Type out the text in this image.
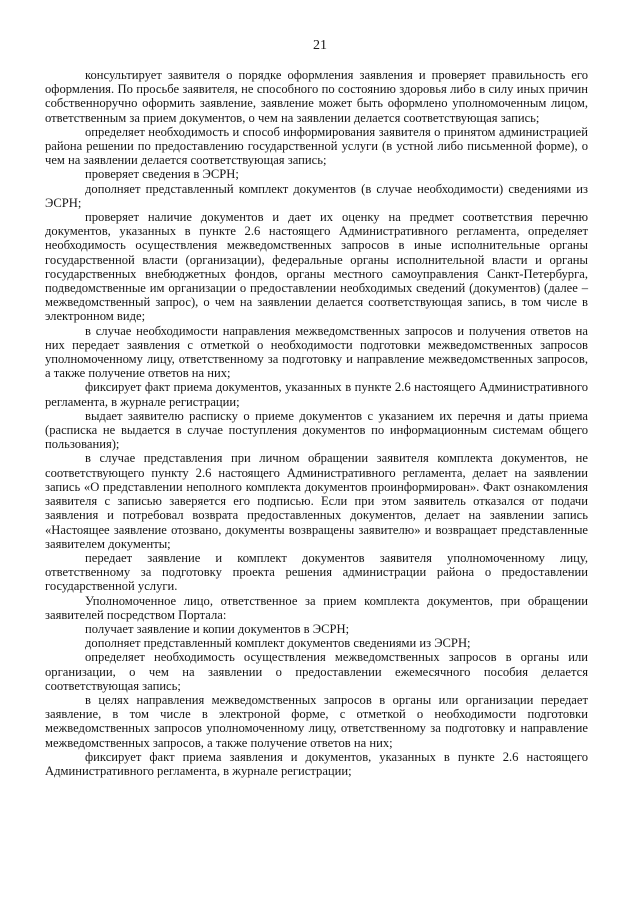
21

консультирует заявителя о порядке оформления заявления и проверяет правильность его оформления. По просьбе заявителя, не способного по состоянию здоровья либо в силу иных причин собственноручно оформить заявление, заявление может быть оформлено уполномоченным лицом, ответственным за прием документов, о чем на заявлении делается соответствующая запись;

определяет необходимость и способ информирования заявителя о принятом администрацией района решении по предоставлению государственной услуги (в устной либо письменной форме), о чем на заявлении делается соответствующая запись;

проверяет сведения в ЭСРН;

дополняет представленный комплект документов (в случае необходимости) сведениями из ЭСРН;

проверяет наличие документов и дает их оценку на предмет соответствия перечню документов, указанных в пункте 2.6 настоящего Административного регламента, определяет необходимость осуществления межведомственных запросов в иные исполнительные органы государственной власти (организации), федеральные органы исполнительной власти и органы государственных внебюджетных фондов, органы местного самоуправления Санкт-Петербурга, подведомственные им организации о предоставлении необходимых сведений (документов) (далее – межведомственный запрос), о чем на заявлении делается соответствующая запись, в том числе в электронном виде;

в случае необходимости направления межведомственных запросов и получения ответов на них передает заявления с отметкой о необходимости подготовки межведомственных запросов уполномоченному лицу, ответственному за подготовку и направление межведомственных запросов, а также получение ответов на них;

фиксирует факт приема документов, указанных в пункте 2.6 настоящего Административного регламента, в журнале регистрации;

выдает заявителю расписку о приеме документов с указанием их перечня и даты приема (расписка не выдается в случае поступления документов по информационным системам общего пользования);

в случае представления при личном обращении заявителя комплекта документов, не соответствующего пункту 2.6 настоящего Административного регламента, делает на заявлении запись «О представлении неполного комплекта документов проинформирован». Факт ознакомления заявителя с записью заверяется его подписью. Если при этом заявитель отказался от подачи заявления и потребовал возврата предоставленных документов, делает на заявлении запись «Настоящее заявление отозвано, документы возвращены заявителю» и возвращает представленные заявителем документы;

передает заявление и комплект документов заявителя уполномоченному лицу, ответственному за подготовку проекта решения администрации района о предоставлении государственной услуги.

Уполномоченное лицо, ответственное за прием комплекта документов, при обращении заявителей посредством Портала:

получает заявление и копии документов в ЭСРН;

дополняет представленный комплект документов сведениями из ЭСРН;

определяет необходимость осуществления межведомственных запросов в органы или организации, о чем на заявлении о предоставлении ежемесячного пособия делается соответствующая запись;

в целях направления межведомственных запросов в органы или организации передает заявление, в том числе в электроной форме, с отметкой о необходимости подготовки межведомственных запросов уполномоченному лицу, ответственному за подготовку и направление межведомственных запросов, а также получение ответов на них;

фиксирует факт приема заявления и документов, указанных в пункте 2.6 настоящего Административного регламента, в журнале регистрации;
